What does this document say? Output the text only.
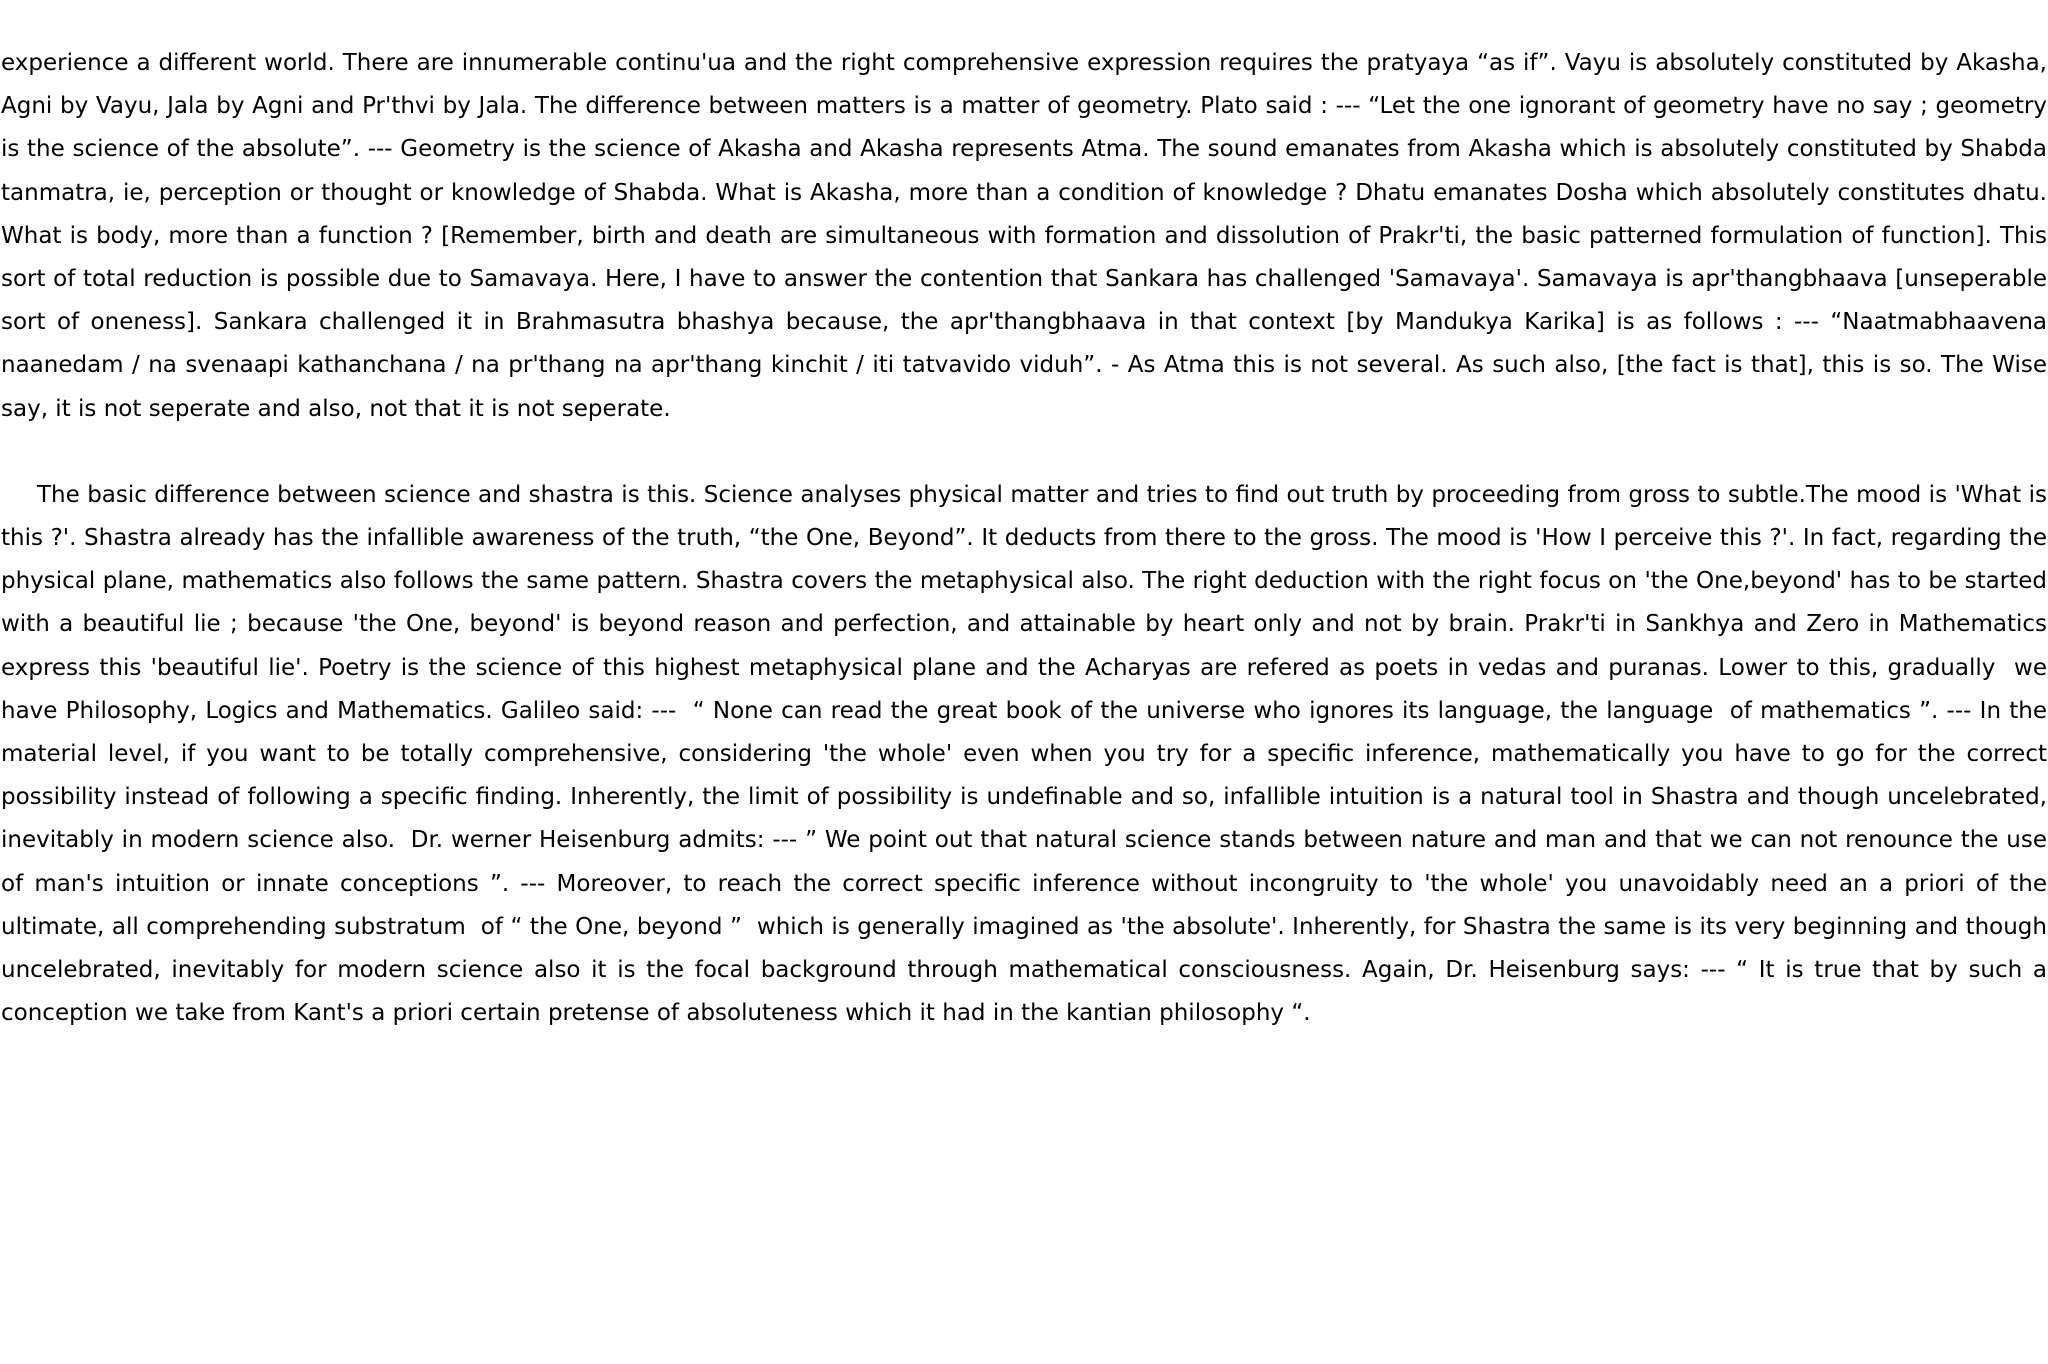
experience a different world. There are innumerable continu'ua and the right comprehensive expression requires the pratyaya “as if”. Vayu is absolutely constituted by Akasha, Agni by Vayu, Jala by Agni and Pr'thvi by Jala. The difference between matters is a matter of geometry. Plato said : --- “Let the one ignorant of geometry have no say ; geometry is the science of the absolute”. --- Geometry is the science of Akasha and Akasha represents Atma. The sound emanates from Akasha which is absolutely constituted by Shabda tanmatra, ie, perception or thought or knowledge of Shabda. What is Akasha, more than a condition of knowledge ? Dhatu emanates Dosha which absolutely constitutes dhatu. What is body, more than a function ? [Remember, birth and death are simultaneous with formation and dissolution of Prakr'ti, the basic patterned formulation of function]. This sort of total reduction is possible due to Samavaya. Here, I have to answer the contention that Sankara has challenged 'Samavaya'. Samavaya is apr'thangbhaava [unseperable sort of oneness]. Sankara challenged it in Brahmasutra bhashya because, the apr'thangbhaava in that context [by Mandukya Karika] is as follows : --- “Naatmabhaavena naanedam / na svenaapi kathanchana / na pr'thang na apr'thang kinchit / iti tatvavido viduh”. - As Atma this is not several. As such also, [the fact is that], this is so. The Wise say, it is not seperate and also, not that it is not seperate.

The basic difference between science and shastra is this. Science analyses physical matter and tries to find out truth by proceeding from gross to subtle.The mood is 'What is this ?'. Shastra already has the infallible awareness of the truth, “the One, Beyond”. It deducts from there to the gross. The mood is 'How I perceive this ?'. In fact, regarding the physical plane, mathematics also follows the same pattern. Shastra covers the metaphysical also. The right deduction with the right focus on 'the One,beyond' has to be started with a beautiful lie ; because 'the One, beyond' is beyond reason and perfection, and attainable by heart only and not by brain. Prakr'ti in Sankhya and Zero in Mathematics express this 'beautiful lie'. Poetry is the science of this highest metaphysical plane and the Acharyas are refered as poets in vedas and puranas. Lower to this, gradually  we have Philosophy, Logics and Mathematics. Galileo said: ---  “ None can read the great book of the universe who ignores its language, the language  of mathematics ”. --- In the material level, if you want to be totally comprehensive, considering 'the whole' even when you try for a specific inference, mathematically you have to go for the correct possibility instead of following a specific finding. Inherently, the limit of possibility is undefinable and so, infallible intuition is a natural tool in Shastra and though uncelebrated, inevitably in modern science also.  Dr. werner Heisenburg admits: --- ” We point out that natural science stands between nature and man and that we can not renounce the use of man's intuition or innate conceptions ”. --- Moreover, to reach the correct specific inference without incongruity to 'the whole' you unavoidably need an a priori of the ultimate, all comprehending substratum  of “ the One, beyond ”  which is generally imagined as 'the absolute'. Inherently, for Shastra the same is its very beginning and though uncelebrated, inevitably for modern science also it is the focal background through mathematical consciousness. Again, Dr. Heisenburg says: --- “ It is true that by such a conception we take from Kant's a priori certain pretense of absoluteness which it had in the kantian philosophy “.
